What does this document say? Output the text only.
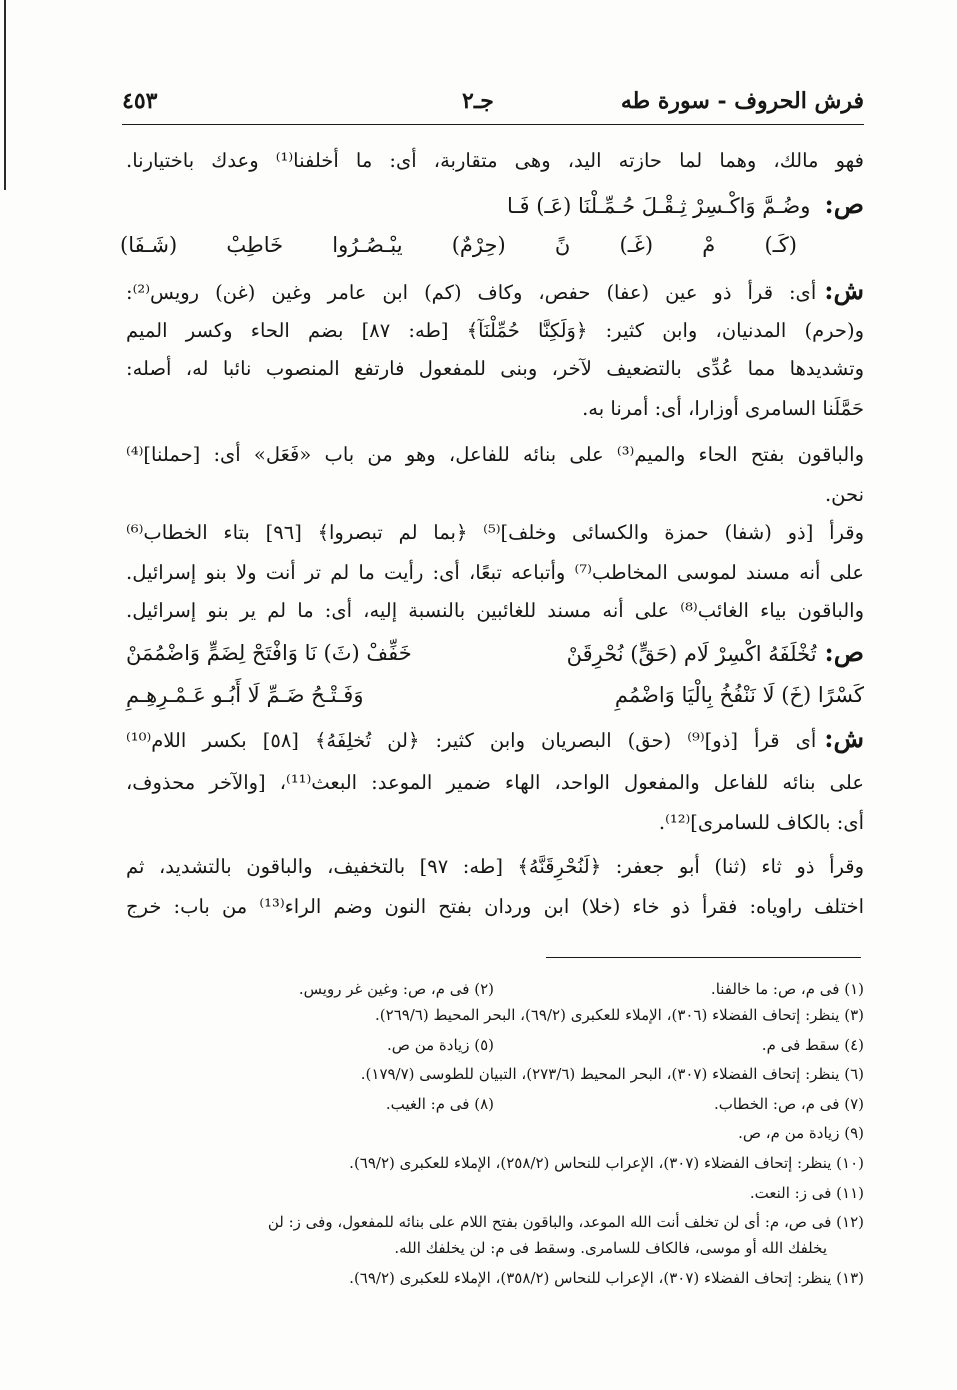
فرش الحروف - سورة طه
جـ٢
٤٥٣
فهو مالك، وهما لما حازته اليد، وهى متقاربة، أى: ما أخلفنا⁽¹⁾ وعدك باختيارنا.
ص: وضُـمَّ وَاكْـسِرْ ثِـقْـلَ حُـمِّـلْنَا (عَـ) فَـا
(كَـ) مْ (غَـ) نً (حِرْمٌ) يبْـصُـرُوا خَاطِبْ (شَـفَا)
ش:أى: قرأ ذو عين (عفا) حفص، وكاف (كم) ابن عامر وغين (غن) رويس⁽²⁾:
و(حرم) المدنيان، وابن كثير: ﴿وَلَكِنَّا حُمِّلْنَآ﴾ [طه: ٨٧] بضم الحاء وكسر الميم
وتشديدها مما عُدِّى بالتضعيف لآخر، وبنى للمفعول فارتفع المنصوب نائبا له، أصله:
حَمَّلَنا السامرى أوزارا، أى: أمرنا به.
والباقون بفتح الحاء والميم⁽³⁾ على بنائه للفاعل، وهو من باب «فَعَل» أى: [حملنا]⁽⁴⁾
نحن.
وقرأ [ذو (شفا) حمزة والكسائى وخلف]⁽⁵⁾ ﴿بما لم تبصروا﴾ [٩٦] بتاء الخطاب⁽⁶⁾
على أنه مسند لموسى المخاطب⁽⁷⁾ وأتباعه تبعًا، أى: رأيت ما لم تر أنت ولا بنو إسرائيل.
والباقون بياء الغائب⁽⁸⁾ على أنه مسند للغائبين بالنسبة إليه، أى: ما لم ير بنو إسرائيل.
ص:تُخْلَفَهُ اكْسِرْ لَام (حَقٍّ) نُحْرِقَنْ
خَفِّفْ (ثَ) نَا وَافْتَحْ لِضَمٍّ وَاضْمُمَنْ
كَسْرًا (خَ) لَا نَنْفُخُ بِالْيَا وَاضْمُمِ
وَفَـتْـحُ ضَـمِّ لَا أَبُـو عَـمْـرِهِـمِ
ش:أى قرأ [ذو]⁽⁹⁾ (حق) البصريان وابن كثير: ﴿لن تُخلِفَهُ﴾ [٥٨] بكسر اللام⁽¹⁰⁾
على بنائه للفاعل والمفعول الواحد، الهاء ضمير الموعد: البعث⁽¹¹⁾، [والآخر محذوف،
أى: بالكاف للسامرى]⁽¹²⁾.
وقرأ ذو ثاء (ثنا) أبو جعفر: ﴿لَنُحْرِقَنَّهُ﴾ [طه: ٩٧] بالتخفيف، والباقون بالتشديد، ثم
اختلف راوياه: فقرأ ذو خاء (خلا) ابن وردان بفتح النون وضم الراء⁽¹³⁾ من باب: خرج
(١) فى م، ص: ما خالفنا.
(٢) فى م، ص: وغين غر رويس.
(٣) ينظر: إتحاف الفضلاء (٣٠٦)، الإملاء للعكبرى (٦٩/٢)، البحر المحيط (٢٦٩/٦).
(٤) سقط فى م.
(٥) زيادة من ص.
(٦) ينظر: إتحاف الفضلاء (٣٠٧)، البحر المحيط (٢٧٣/٦)، التبيان للطوسى (١٧٩/٧).
(٧) فى م، ص: الخطاب.
(٨) فى م: الغيب.
(٩) زيادة من م، ص.
(١٠) ينظر: إتحاف الفضلاء (٣٠٧)، الإعراب للنحاس (٢٥٨/٢)، الإملاء للعكبرى (٦٩/٢).
(١١) فى ز: النعت.
(١٢) فى ص، م: أى لن تخلف أنت الله الموعد، والباقون بفتح اللام على بنائه للمفعول، وفى ز: لن
يخلفك الله أو موسى، فالكاف للسامرى. وسقط فى م: لن يخلفك الله.
(١٣) ينظر: إتحاف الفضلاء (٣٠٧)، الإعراب للنحاس (٣٥٨/٢)، الإملاء للعكبرى (٦٩/٢).
